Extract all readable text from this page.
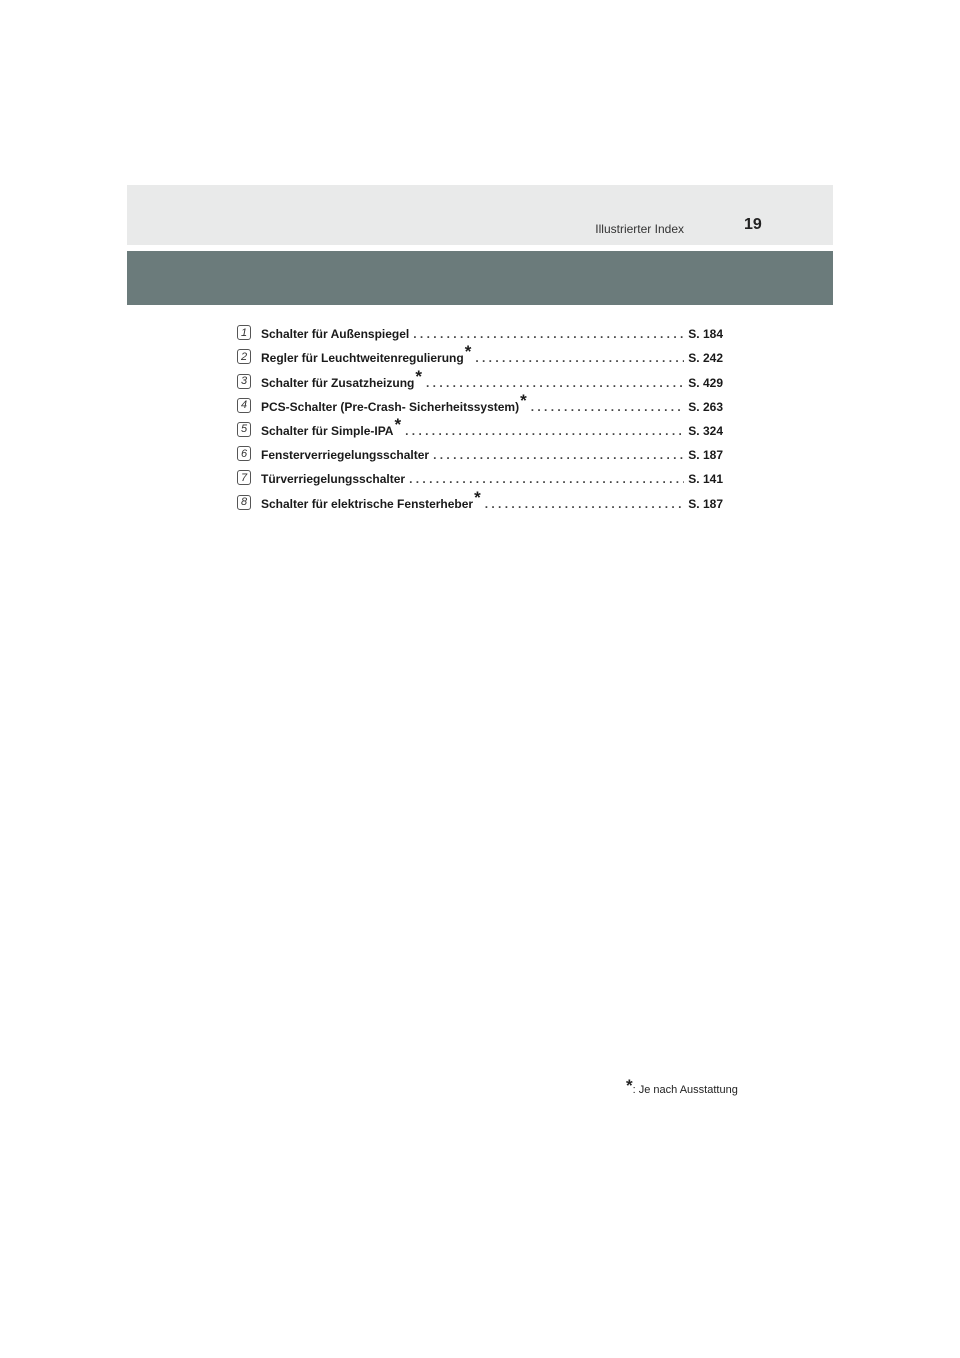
Illustrierter Index	19
1	Schalter für Außenspiegel . . .	S. 184
2	Regler für Leuchtweitenregulierung * . . .	S. 242
3	Schalter für Zusatzheizung * . . .	S. 429
4	PCS-Schalter (Pre-Crash- Sicherheitssystem) * . . .	S. 263
5	Schalter für Simple-IPA * . . .	S. 324
6	Fensterverriegelungsschalter . . .	S. 187
7	Türverriegelungsschalter . . .	S. 141
8	Schalter für elektrische Fensterheber * . . .	S. 187
*: Je nach Ausstattung
